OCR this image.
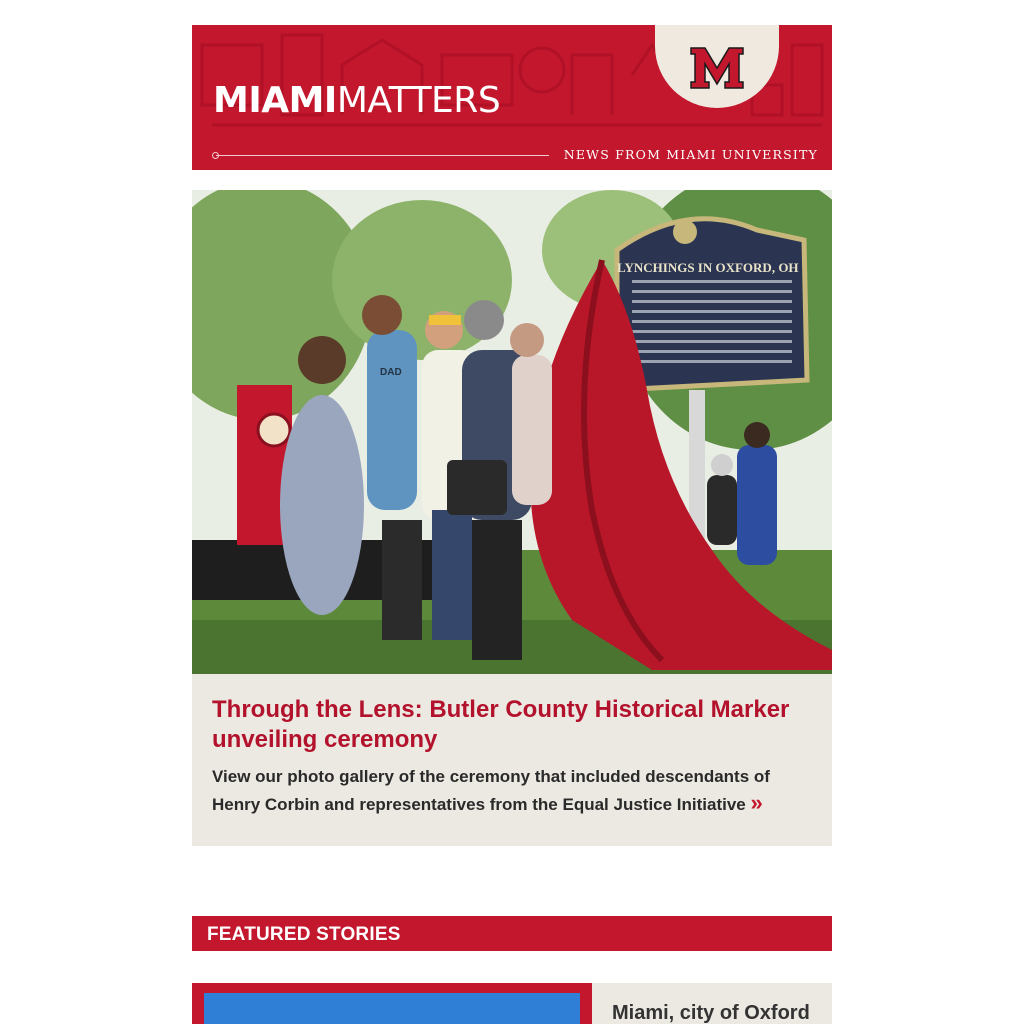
MIAMIMATTERS
NEWS FROM MIAMI UNIVERSITY
LYNCHINGS IN OXFORD, OH
DAD
Through the Lens: Butler County Historical Marker unveiling ceremony
View our photo gallery of the ceremony that included descendants of Henry Corbin and representatives from the Equal Justice Initiative »
FEATURED STORIES
Miami, city of Oxford
